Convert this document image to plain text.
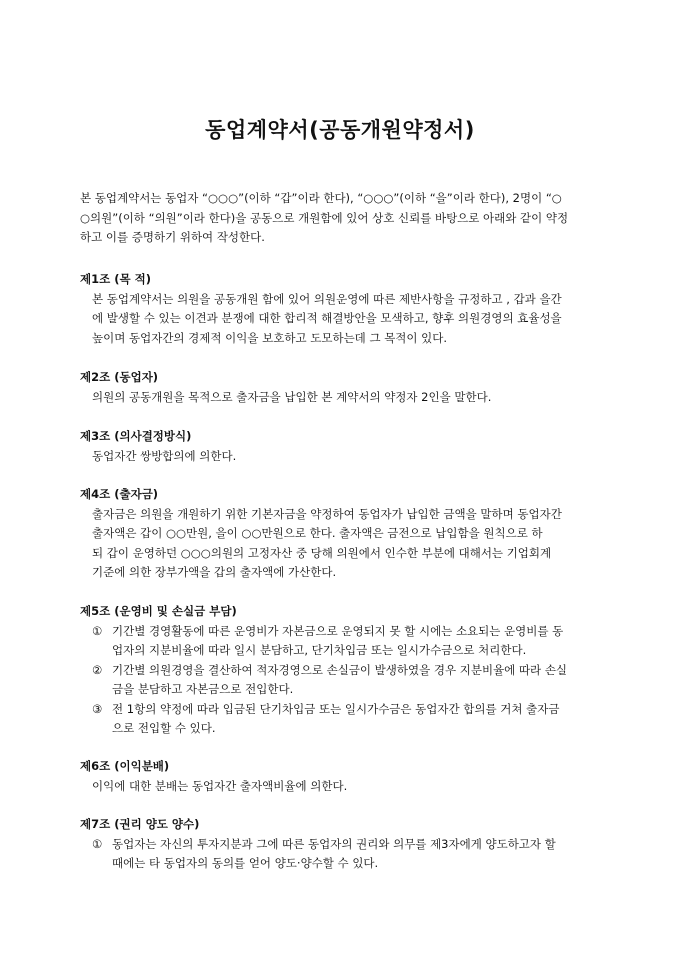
동업계약서(공동개원약정서)
본 동업계약서는 동업자 “○○○”(이하 “갑”이라 한다), “○○○”(이하 “을”이라 한다), 2명이 “○
○의원”(이하 “의원”이라 한다)을 공동으로 개원함에 있어 상호 신뢰를 바탕으로 아래와 같이 약정
하고 이를 증명하기 위하여 작성한다.
제1조 (목 적)
본 동업계약서는 의원을 공동개원 함에 있어 의원운영에 따른 제반사항을 규정하고 , 갑과 을간
에 발생할 수 있는 이견과 분쟁에 대한 합리적 해결방안을 모색하고, 향후 의원경영의 효율성을
높이며 동업자간의 경제적 이익을 보호하고 도모하는데 그 목적이 있다.
제2조 (동업자)
의원의 공동개원을 목적으로 출자금을 납입한 본 계약서의 약정자 2인을 말한다.
제3조 (의사결정방식)
동업자간 쌍방합의에 의한다.
제4조 (출자금)
출자금은 의원을 개원하기 위한 기본자금을 약정하여 동업자가 납입한 금액을 말하며 동업자간
출자액은 갑이 ○○만원, 을이 ○○만원으로 한다. 출자액은 금전으로 납입함을 원칙으로 하
되 갑이 운영하던 ○○○의원의 고정자산 중 당해 의원에서 인수한 부분에 대해서는 기업회계
기준에 의한 장부가액을 갑의 출자액에 가산한다.
제5조 (운영비 및 손실금 부담)
① 기간별 경영활동에 따른 운영비가 자본금으로 운영되지 못 할 시에는 소요되는 운영비를 동
업자의 지분비율에 따라 일시 분담하고, 단기차입금 또는 일시가수금으로 처리한다.
② 기간별 의원경영을 결산하여 적자경영으로 손실금이 발생하였을 경우 지분비율에 따라 손실
금을 분담하고 자본금으로 전입한다.
③ 전 1항의 약정에 따라 입금된 단기차입금 또는 일시가수금은 동업자간 합의를 거쳐 출자금
으로 전입할 수 있다.
제6조 (이익분배)
이익에 대한 분배는 동업자간 출자액비율에 의한다.
제7조 (권리 양도 양수)
① 동업자는 자신의 투자지분과 그에 따른 동업자의 권리와 의무를 제3자에게 양도하고자 할
때에는 타 동업자의 동의를 얻어 양도·양수할 수 있다.
